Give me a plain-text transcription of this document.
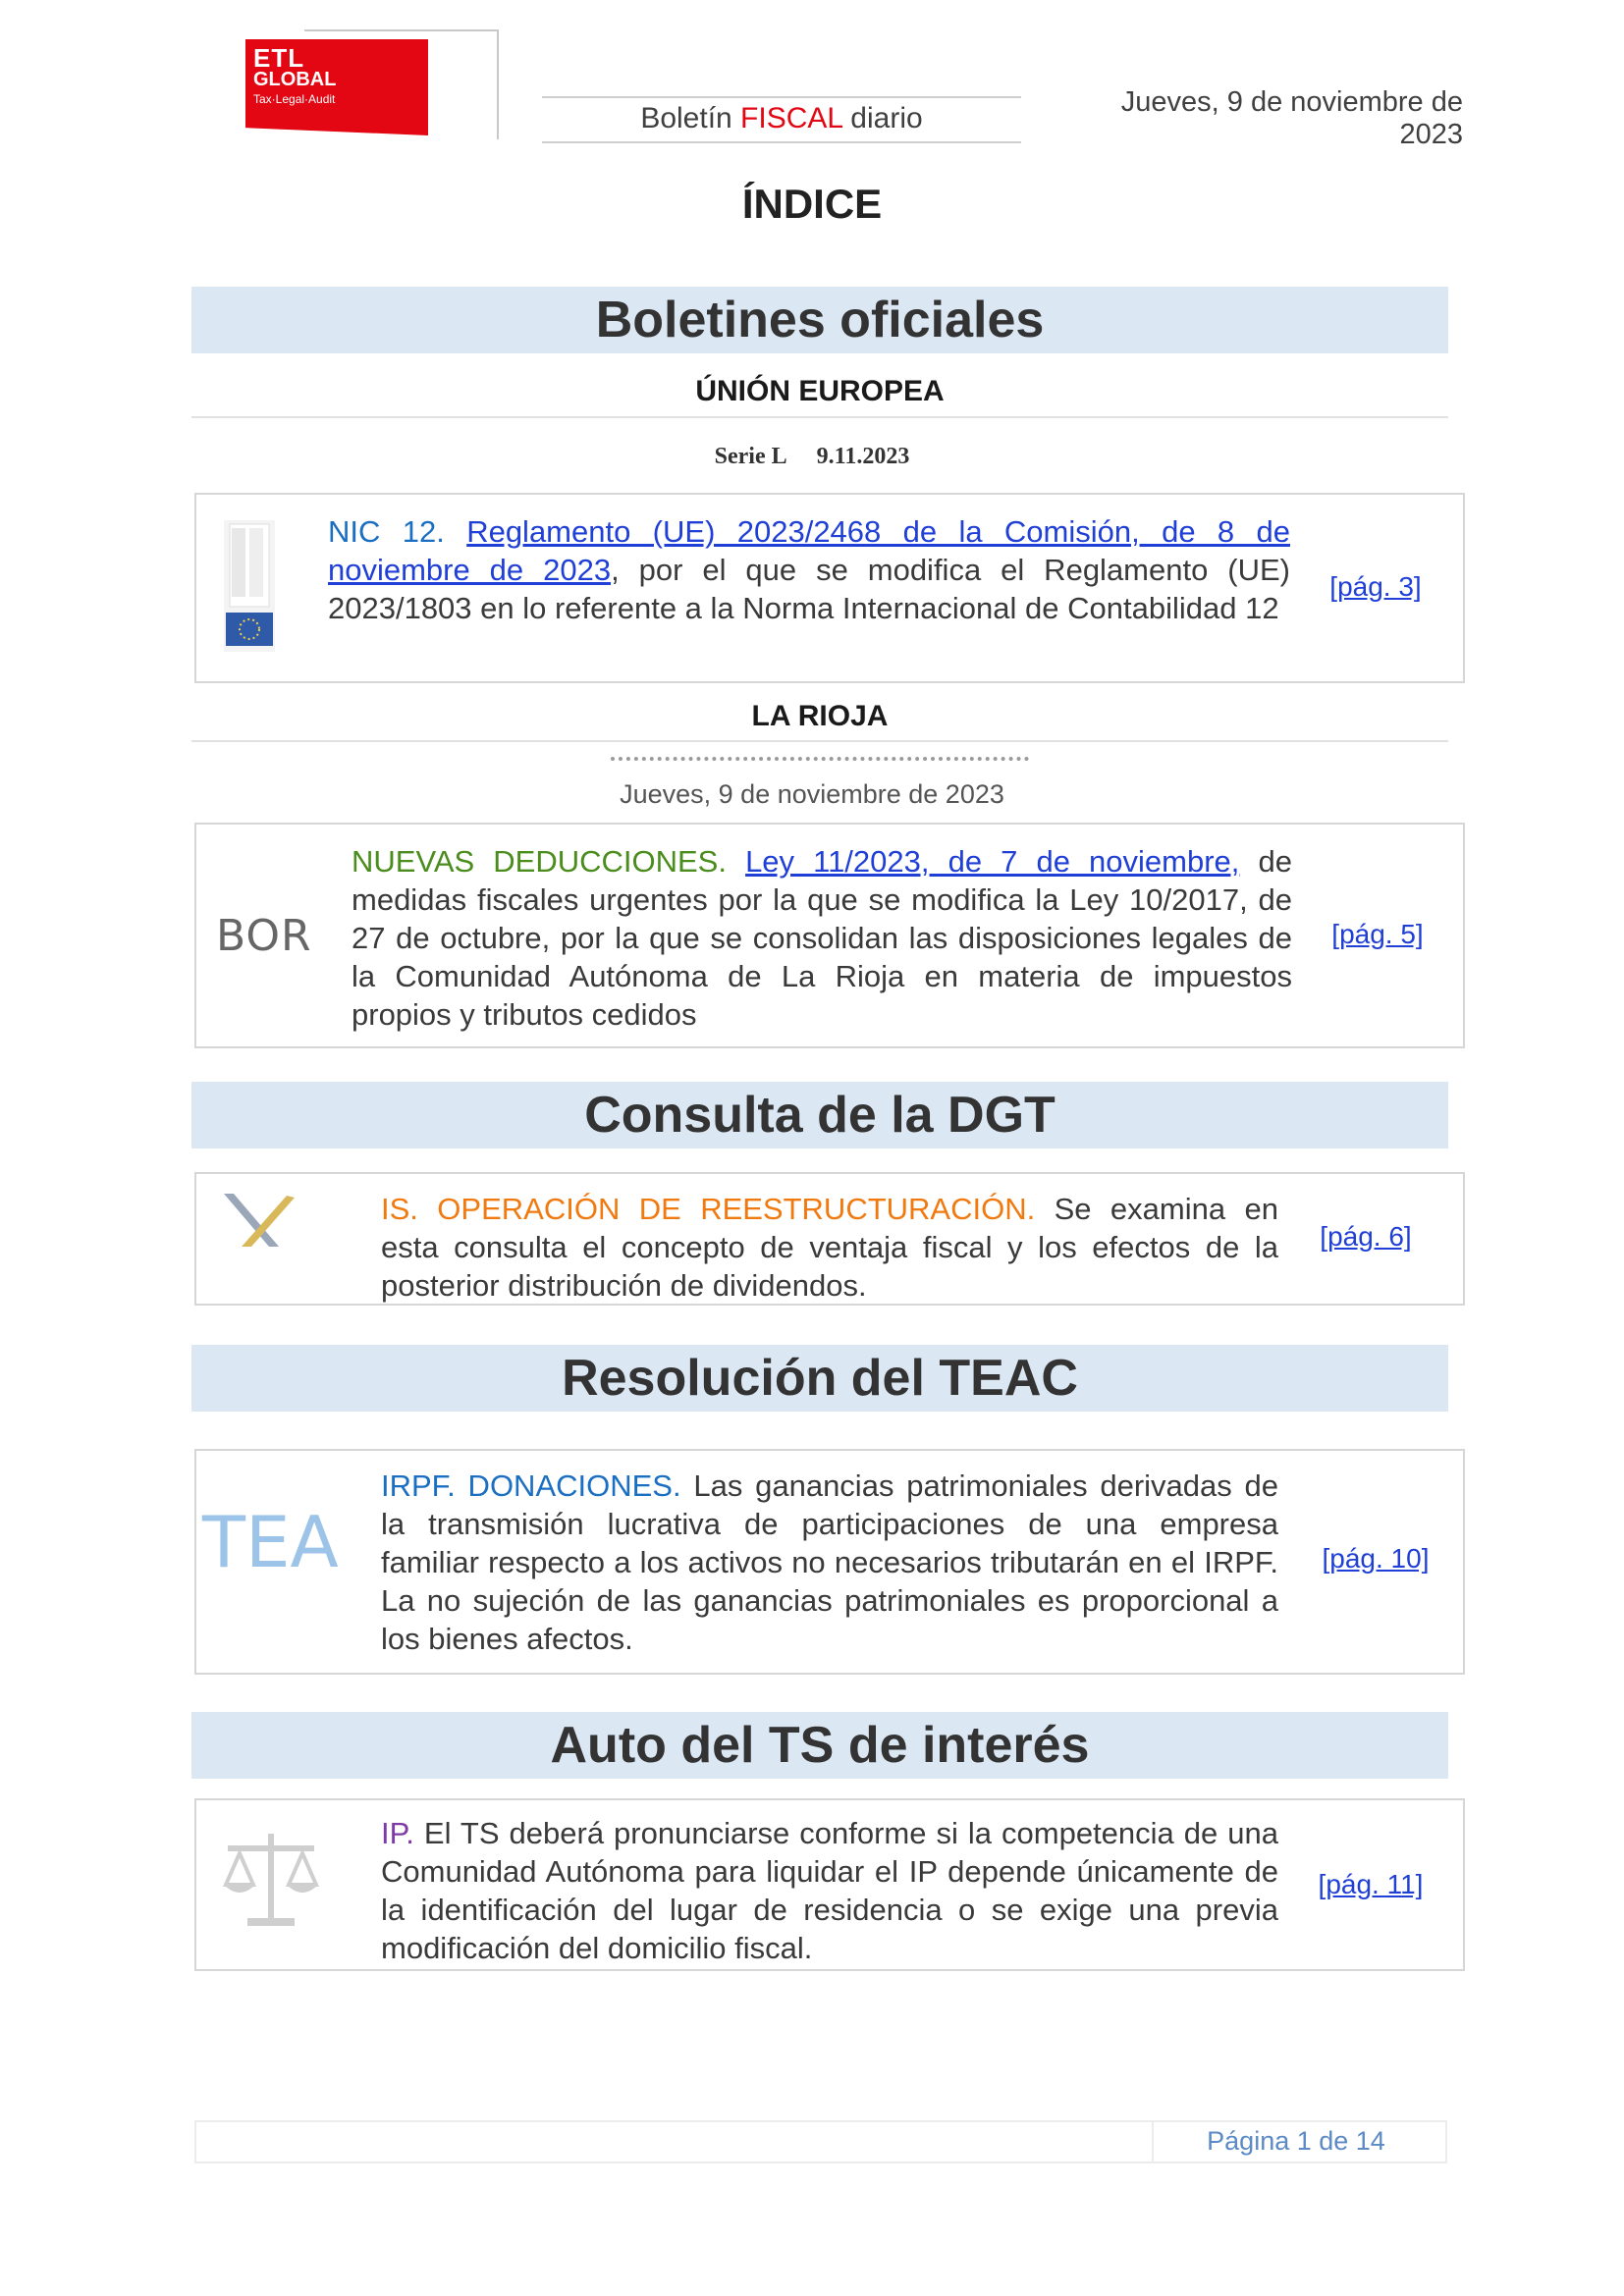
ETL
GLOBAL
Tax·Legal·Audit
Boletín FISCAL diario	Jueves, 9 de noviembre de 2023
ÍNDICE
Boletines oficiales
ÚNIÓN EUROPEA
Serie L 9.11.2023
NIC 12. Reglamento (UE) 2023/2468 de la Comisión, de 8 de noviembre de 2023, por el que se modifica el Reglamento (UE) 2023/1803 en lo referente a la Norma Internacional de Contabilidad 12
[pág. 3]
LA RIOJA
Jueves, 9 de noviembre de 2023
BOR
NUEVAS DEDUCCIONES. Ley 11/2023, de 7 de noviembre, de medidas fiscales urgentes por la que se modifica la Ley 10/2017, de 27 de octubre, por la que se consolidan las disposiciones legales de la Comunidad Autónoma de La Rioja en materia de impuestos propios y tributos cedidos
[pág. 5]
Consulta de la DGT
IS. OPERACIÓN DE REESTRUCTURACIÓN. Se examina en esta consulta el concepto de ventaja fiscal y los efectos de la posterior distribución de dividendos.
[pág. 6]
Resolución del TEAC
TEA
IRPF. DONACIONES. Las ganancias patrimoniales derivadas de la transmisión lucrativa de participaciones de una empresa familiar respecto a los activos no necesarios tributarán en el IRPF. La no sujeción de las ganancias patrimoniales es proporcional a los bienes afectos.
[pág. 10]
Auto del TS de interés
IP. El TS deberá pronunciarse conforme si la competencia de una Comunidad Autónoma para liquidar el IP depende únicamente de la identificación del lugar de residencia o se exige una previa modificación del domicilio fiscal.
[pág. 11]
Página 1 de 14
